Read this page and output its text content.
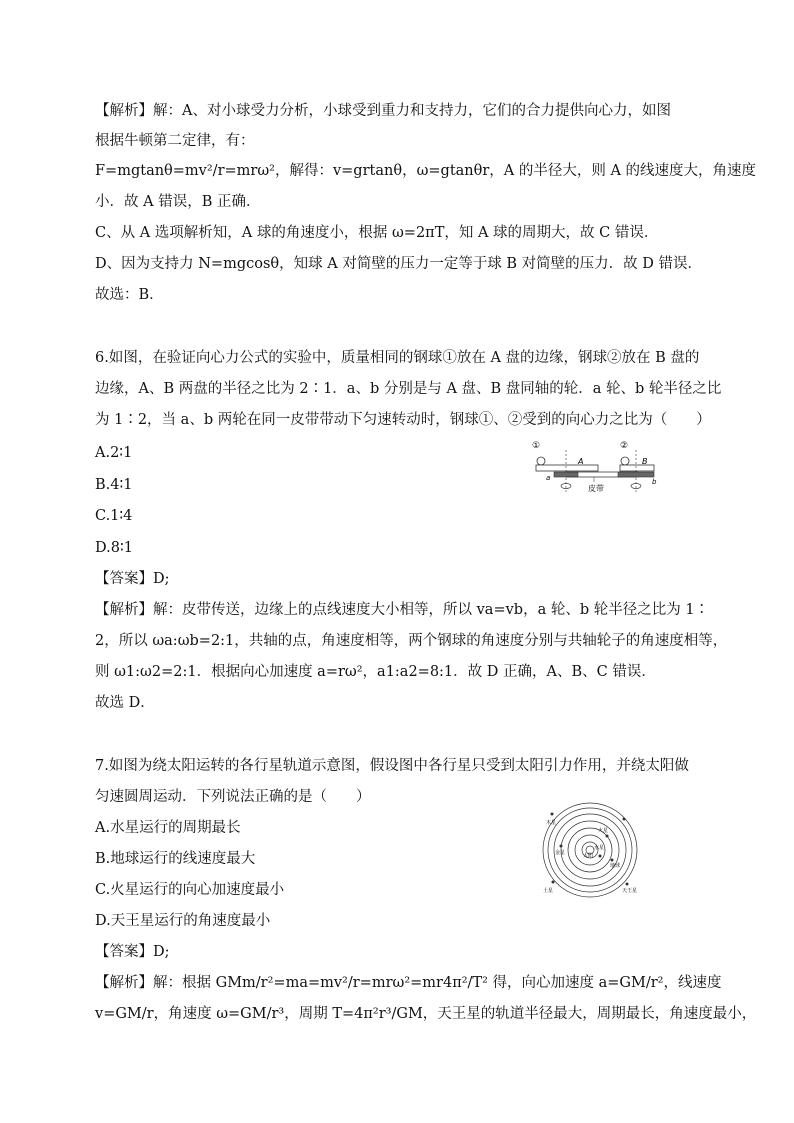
【解析】解：A、对小球受力分析，小球受到重力和支持力，它们的合力提供向心力，如图
根据牛顿第二定律，有：
F=mgtanθ=mv²/r=mrω²，解得：v=grtanθ，ω=gtanθr，A 的半径大，则 A 的线速度大，角速度
小．故 A 错误，B 正确．
C、从 A 选项解析知，A 球的角速度小，根据 ω=2πT，知 A 球的周期大，故 C 错误．
D、因为支持力 N=mgcosθ，知球 A 对简壁的压力一定等于球 B 对简壁的压力．故 D 错误．
故选：B．
6.如图，在验证向心力公式的实验中，质量相同的钢球①放在 A 盘的边缘，钢球②放在 B 盘的
边缘，A、B 两盘的半径之比为 2∶1．a、b 分别是与 A 盘、B 盘同轴的轮．a 轮、b 轮半径之比
为 1∶2，当 a、b 两轮在同一皮带带动下匀速转动时，钢球①、②受到的向心力之比为（　　）
A.2∶1
B.4∶1
C.1∶4
D.8∶1
【答案】D;
【解析】解：皮带传送，边缘上的点线速度大小相等，所以 va=vb，a 轮、b 轮半径之比为 1∶
2，所以 ωa:ωb=2:1，共轴的点，角速度相等，两个钢球的角速度分别与共轴轮子的角速度相等，
则 ω1:ω2=2:1．根据向心加速度 a=rω²，a1:a2=8:1．故 D 正确，A、B、C 错误．
故选 D．
①
A
a
皮带
②
B
b
7.如图为绕太阳运转的各行星轨道示意图，假设图中各行星只受到太阳引力作用，并绕太阳做
匀速圆周运动．下列说法正确的是（　　）
A.水星运行的周期最长
B.地球运行的线速度最大
C.火星运行的向心加速度最小
D.天王星运行的角速度最小
【答案】D;
【解析】解：根据 GMm/r²=ma=mv²/r=mrω²=mr4π²/T² 得，向心加速度 a=GM/r²，线速度
v=GM/r，角速度 ω=GM/r³，周期 T=4π²r³/GM，天王星的轨道半径最大，周期最长，角速度最小，
太阳
木星
火星
水星
金星
地球
土星	天王星
